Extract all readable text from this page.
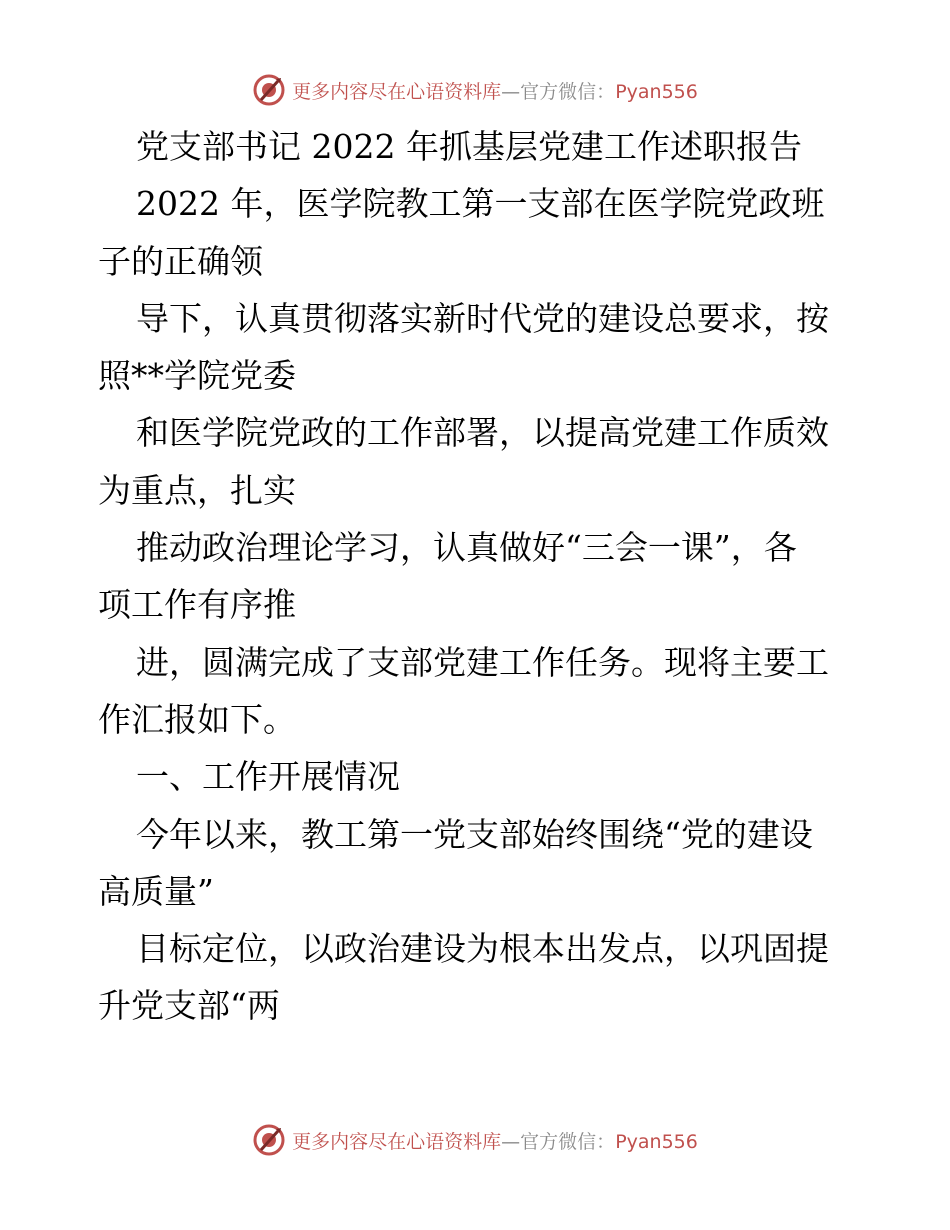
更多内容尽在心语资料库—官方微信：Pyan556
党支部书记 2022 年抓基层党建工作述职报告
2022 年，医学院教工第一支部在医学院党政班
子的正确领
导下，认真贯彻落实新时代党的建设总要求，按
照**学院党委
和医学院党政的工作部署，以提高党建工作质效
为重点，扎实
推动政治理论学习，认真做好“三会一课”，各
项工作有序推
进，圆满完成了支部党建工作任务。现将主要工
作汇报如下。
一、工作开展情况
今年以来，教工第一党支部始终围绕“党的建设
高质量”
目标定位，以政治建设为根本出发点，以巩固提
升党支部“两
更多内容尽在心语资料库—官方微信：Pyan556
